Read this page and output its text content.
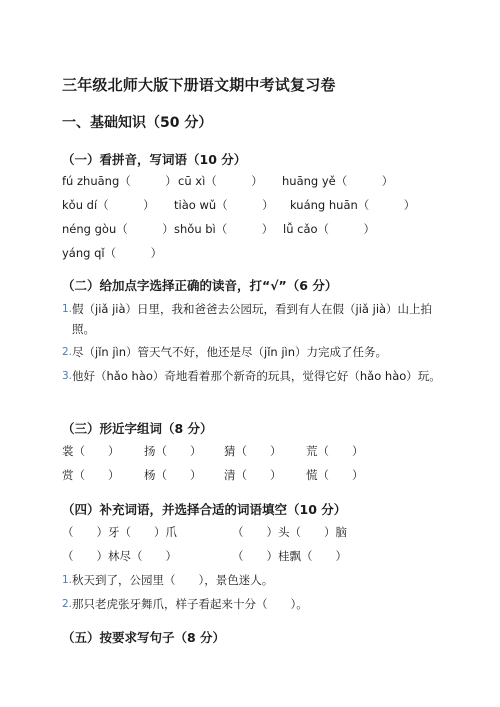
三年级北师大版下册语文期中考试复习卷
一、基础知识（50 分）
（一）看拼音，写词语（10 分）
fú zhuāng（　　　） cū xì（　　　） huāng yě（　　　）
kǒu dí（　　　） tiào wǔ（　　　） kuáng huān（　　　）
néng gòu（　　　） shǒu bì（　　　） lǚ cǎo（　　　）
yáng qǐ（　　　）
（二）给加点字选择正确的读音，打“√”（6 分）
1. 假（jiǎ jià）日里，我和爸爸去公园玩，看到有人在假（jiǎ jià）山上拍照。
2. 尽（jǐn jìn）管天气不好，他还是尽（jǐn jìn）力完成了任务。
3. 他好（hǎo hào）奇地看着那个新奇的玩具，觉得它好（hǎo hào）玩。
（三）形近字组词（8 分）
裳（　　） 扬（　　） 猜（　　） 荒（　　）
赏（　　） 杨（　　） 清（　　） 慌（　　）
（四）补充词语，并选择合适的词语填空（10 分）
（　　）牙（　　）爪	（　　）头（　　）脑
（　　）林尽（　　）	（　　）桂飘（　　）
1. 秋天到了，公园里（　　），景色迷人。
2. 那只老虎张牙舞爪，样子看起来十分（　　）。
（五）按要求写句子（8 分）
